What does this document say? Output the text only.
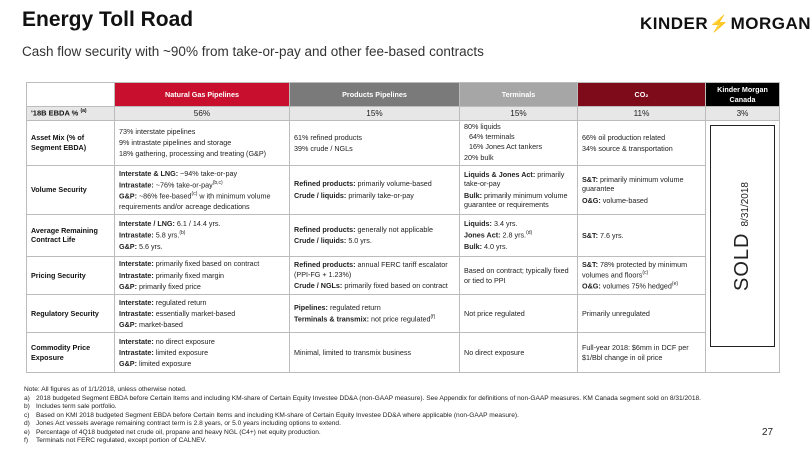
Energy Toll Road	KINDER ⚡ MORGAN
Cash flow security with ~90% from take-or-pay and other fee-based contracts
	Natural Gas Pipelines	Products Pipelines	Terminals	CO₂	Kinder Morgan Canada
'18B EBDA % $^{(a)}$	56%	15%	15%	11%	3%
Asset Mix (% of Segment EBDA)	73% interstate pipelines
9% intrastate pipelines and storage
18% gathering, processing and treating (G&P)	61% refined products
39% crude / NGLs	80% liquids
64% terminals
16% Jones Act tankers
20% bulk	66% oil production related
34% source & transportation	SOLD
8/31/2018

Volume Security	Interstate & LNG: ~94% take-or-pay
Intrastate: ~76% take-or-pay$^{(b,c)}$
G&P: ~86% fee-based$^{(c)}$ w ith minimum volume requirements and/or acreage dedications	Refined products: primarily volume-based
Crude / liquids: primarily take-or-pay	Liquids & Jones Act: primarily take-or-pay
Bulk: primarily minimum volume guarantee or requirements	S&T: primarily minimum volume guarantee
O&G: volume-based	

Average Remaining Contract Life	Interstate / LNG: 6.1 / 14.4 yrs.
Intrastate: 5.8 yrs.$^{(b)}$
G&P: 5.6 yrs.	Refined products: generally not applicable
Crude / liquids: 5.0 yrs.	Liquids: 3.4 yrs.
Jones Act: 2.8 yrs.$^{(d)}$
Bulk: 4.0 yrs.	S&T: 7.6 yrs.	

Pricing Security	Interstate: primarily fixed based on contract
Intrastate: primarily fixed margin
G&P: primarily fixed price	Refined products: annual FERC tariff escalator (PPI-FG + 1.23%)
Crude / NGLs: primarily fixed based on contract	Based on contract; typically fixed or tied to PPI	S&T: 78% protected by minimum volumes and floors$^{(c)}$
O&G: volumes 75% hedged$^{(e)}$

Regulatory Security	Interstate: regulated return
Intrastate: essentially market-based
G&P: market-based	Pipelines: regulated return
Terminals & transmix: not price regulated$^{(f)}$	Not price regulated	Primarily unregulated	
Commodity Price Exposure	Interstate: no direct exposure
Intrastate: limited exposure
G&P: limited exposure	Minimal, limited to transmix business	No direct exposure	Full-year 2018: $6mm in DCF per $1/Bbl change in oil price	
Note: All figures as of 1/1/2018, unless otherwise noted.
a) 2018 budgeted Segment EBDA before Certain Items and including KM-share of Certain Equity Investee DD&A (non-GAAP measure). See Appendix for definitions of non-GAAP measures. KM Canada segment sold on 8/31/2018.
b) Includes term sale portfolio.
c) Based on KMI 2018 budgeted Segment EBDA before Certain Items and including KM-share of Certain Equity Investee DD&A where applicable (non-GAAP measure).
d) Jones Act vessels average remaining contract term is 2.8 years, or 5.0 years including options to extend.
e) Percentage of 4Q18 budgeted net crude oil, propane and heavy NGL (C4+) net equity production.
f) Terminals not FERC regulated, except portion of CALNEV.
27
